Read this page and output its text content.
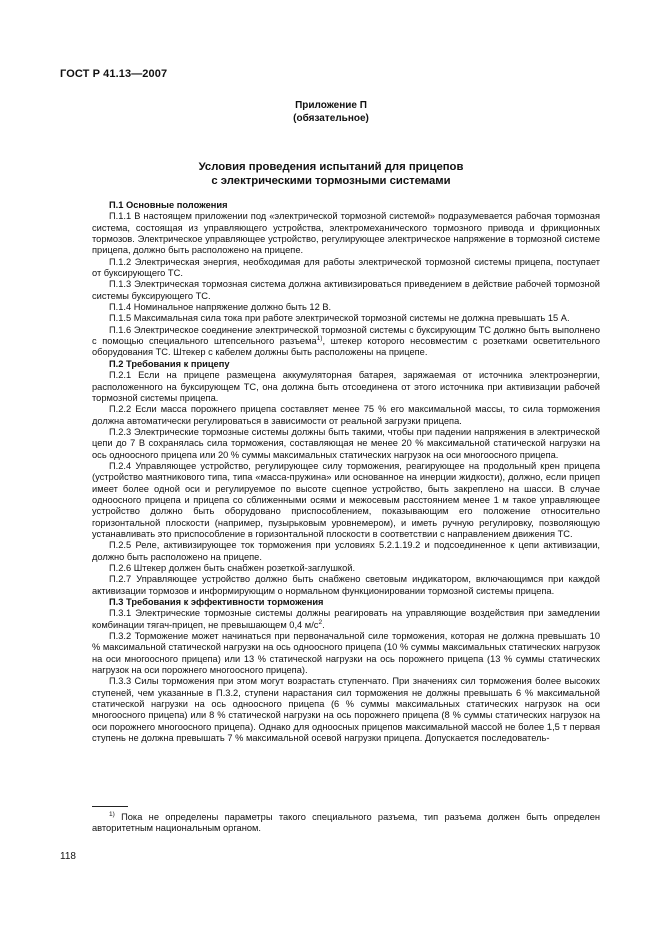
ГОСТ Р 41.13—2007
Приложение П
(обязательное)
Условия проведения испытаний для прицепов
с электрическими тормозными системами
П.1 Основные положения

П.1.1 В настоящем приложении под «электрической тормозной системой» подразумевается рабочая тормозная система, состоящая из управляющего устройства, электромеханического тормозного привода и фрикционных тормозов. Электрическое управляющее устройство, регулирующее электрическое напряжение в тормозной системе прицепа, должно быть расположено на прицепе.

П.1.2 Электрическая энергия, необходимая для работы электрической тормозной системы прицепа, поступает от буксирующего ТС.

П.1.3 Электрическая тормозная система должна активизироваться приведением в действие рабочей тормозной системы буксирующего ТС.

П.1.4 Номинальное напряжение должно быть 12 В.

П.1.5 Максимальная сила тока при работе электрической тормозной системы не должна превышать 15 А.

П.1.6 Электрическое соединение электрической тормозной системы с буксирующим ТС должно быть выполнено с помощью специального штепсельного разъема$^{1)}$, штекер которого несовместим с розетками осветительного оборудования ТС. Штекер с кабелем должны быть расположены на прицепе.

П.2 Требования к прицепу

П.2.1 Если на прицепе размещена аккумуляторная батарея, заряжаемая от источника электроэнергии, расположенного на буксирующем ТС, она должна быть отсоединена от этого источника при активизации рабочей тормозной системы прицепа.

П.2.2 Если масса порожнего прицепа составляет менее 75 % его максимальной массы, то сила торможения должна автоматически регулироваться в зависимости от реальной загрузки прицепа.

П.2.3 Электрические тормозные системы должны быть такими, чтобы при падении напряжения в электрической цепи до 7 В сохранялась сила торможения, составляющая не менее 20 % максимальной статической нагрузки на ось одноосного прицепа или 20 % суммы максимальных статических нагрузок на оси многоосного прицепа.

П.2.4 Управляющее устройство, регулирующее силу торможения, реагирующее на продольный крен прицепа (устройство маятникового типа, типа «масса-пружина» или основанное на инерции жидкости), должно, если прицеп имеет более одной оси и регулируемое по высоте сцепное устройство, быть закреплено на шасси. В случае одноосного прицепа и прицепа со сближенными осями и межосевым расстоянием менее 1 м такое управляющее устройство должно быть оборудовано приспособлением, показывающим его положение относительно горизонтальной плоскости (например, пузырьковым уровнемером), и иметь ручную регулировку, позволяющую устанавливать это приспособление в горизонтальной плоскости в соответствии с направлением движения ТС.

П.2.5 Реле, активизирующее ток торможения при условиях 5.2.1.19.2 и подсоединенное к цепи активизации, должно быть расположено на прицепе.

П.2.6 Штекер должен быть снабжен розеткой-заглушкой.

П.2.7 Управляющее устройство должно быть снабжено световым индикатором, включающимся при каждой активизации тормозов и информирующим о нормальном функционировании тормозной системы прицепа.

П.3 Требования к эффективности торможения

П.3.1 Электрические тормозные системы должны реагировать на управляющие воздействия при замедлении комбинации тягач-прицеп, не превышающем 0,4 $м/с^2$.

П.3.2 Торможение может начинаться при первоначальной силе торможения, которая не должна превышать 10 % максимальной статической нагрузки на ось одноосного прицепа (10 % суммы максимальных статических нагрузок на оси многоосного прицепа) или 13 % статической нагрузки на ось порожнего прицепа (13 % суммы статических нагрузок на оси порожнего многоосного прицепа).

П.3.3 Силы торможения при этом могут возрастать ступенчато. При значениях сил торможения более высоких ступеней, чем указанные в П.3.2, ступени нарастания сил торможения не должны превышать 6 % максимальной статической нагрузки на ось одноосного прицепа (6 % суммы максимальных статических нагрузок на оси многоосного прицепа) или 8 % статической нагрузки на ось порожнего прицепа (8 % суммы статических нагрузок на оси порожнего многоосного прицепа). Однако для одноосных прицепов максимальной массой не более 1,5 т первая ступень не должна превышать 7 % максимальной осевой нагрузки прицепа. Допускается последователь-

$^{1)}$ Пока не определены параметры такого специального разъема, тип разъема должен быть определен авторитетным национальным органом.
118
